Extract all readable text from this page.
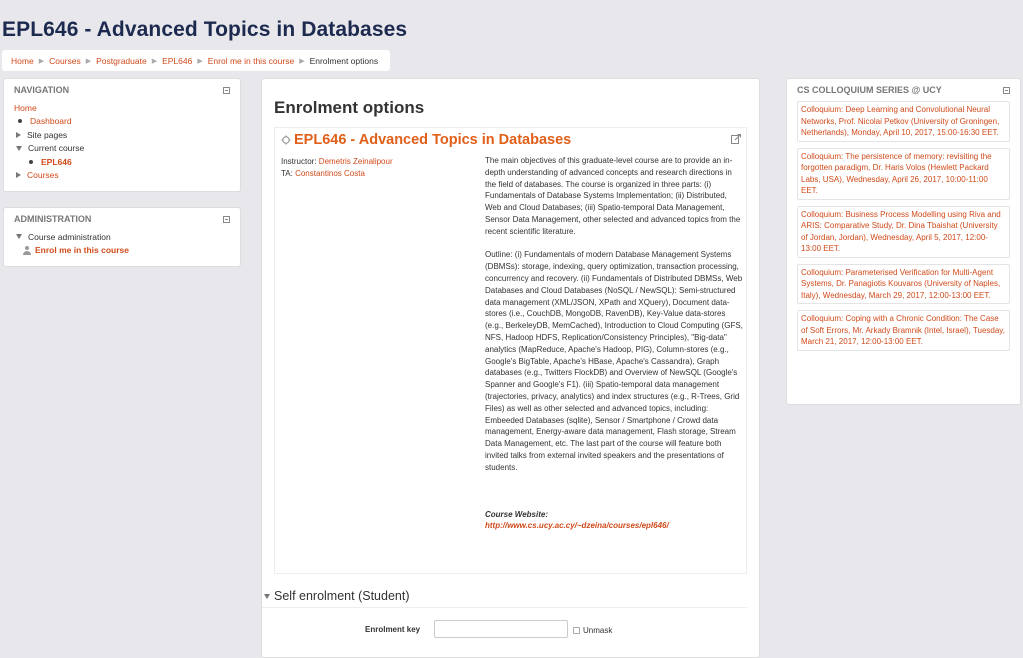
EPL646 - Advanced Topics in Databases
Home ▶ Courses ▶ Postgraduate ▶ EPL646 ▶ Enrol me in this course ▶ Enrolment options
NAVIGATION
Home
Dashboard
Site pages
Current course
EPL646
Courses
ADMINISTRATION
Course administration
Enrol me in this course
Enrolment options
EPL646 - Advanced Topics in Databases
Instructor: Demetris Zeinalipour
TA: Constantinos Costa

The main objectives of this graduate-level course are to provide an in-depth understanding of advanced concepts and research directions in the field of databases. The course is organized in three parts: (i) Fundamentals of Database Systems Implementation; (ii) Distributed, Web and Cloud Databases; (iii) Spatio-temporal Data Management, Sensor Data Management, other selected and advanced topics from the recent scientific literature.

Outline: (i) Fundamentals of modern Database Management Systems (DBMSs): storage, indexing, query optimization, transaction processing, concurrency and recovery. (ii) Fundamentals of Distributed DBMSs, Web Databases and Cloud Databases (NoSQL / NewSQL): Semi-structured data management (XML/JSON, XPath and XQuery), Document data-stores (i.e., CouchDB, MongoDB, RavenDB), Key-Value data-stores (e.g., BerkeleyDB, MemCached), Introduction to Cloud Computing (GFS, NFS, Hadoop HDFS, Replication/Consistency Principles), "Big-data" analytics (MapReduce, Apache's Hadoop, PIG), Column-stores (e.g., Google's BigTable, Apache's HBase, Apache's Cassandra), Graph databases (e.g., Twitters FlockDB) and Overview of NewSQL (Google's Spanner and Google's F1). (iii) Spatio-temporal data management (trajectories, privacy, analytics) and index structures (e.g., R-Trees, Grid Files) as well as other selected and advanced topics, including: Embeeded Databases (sqlite), Sensor / Smartphone / Crowd data management, Energy-aware data management, Flash storage, Stream Data Management, etc. The last part of the course will feature both invited talks from external invited speakers and the presentations of students.

Course Website:

http://www.cs.ucy.ac.cy/~dzeina/courses/epl646/

Self enrolment (Student)
Enrolment key	Unmask
CS COLLOQUIUM SERIES @ UCY
Colloquium: Deep Learning and Convolutional Neural Networks, Prof. Nicolai Petkov (University of Groningen, Netherlands), Monday, April 10, 2017, 15:00-16:30 EET.
Colloquium: The persistence of memory: revisiting the forgotten paradigm, Dr. Haris Volos (Hewlett Packard Labs, USA), Wednesday, April 26, 2017, 10:00-11:00 EET.
Colloquium: Business Process Modelling using Riva and ARIS: Comparative Study, Dr. Dina Tbaishat (University of Jordan, Jordan), Wednesday, April 5, 2017, 12:00-13:00 EET.
Colloquium: Parameterised Verification for Multi-Agent Systems, Dr. Panagiotis Kouvaros (University of Naples, Italy), Wednesday, March 29, 2017, 12:00-13:00 EET.
Colloquium: Coping with a Chronic Condition: The Case of Soft Errors, Mr. Arkady Bramnik (Intel, Israel), Tuesday, March 21, 2017, 12:00-13:00 EET.
